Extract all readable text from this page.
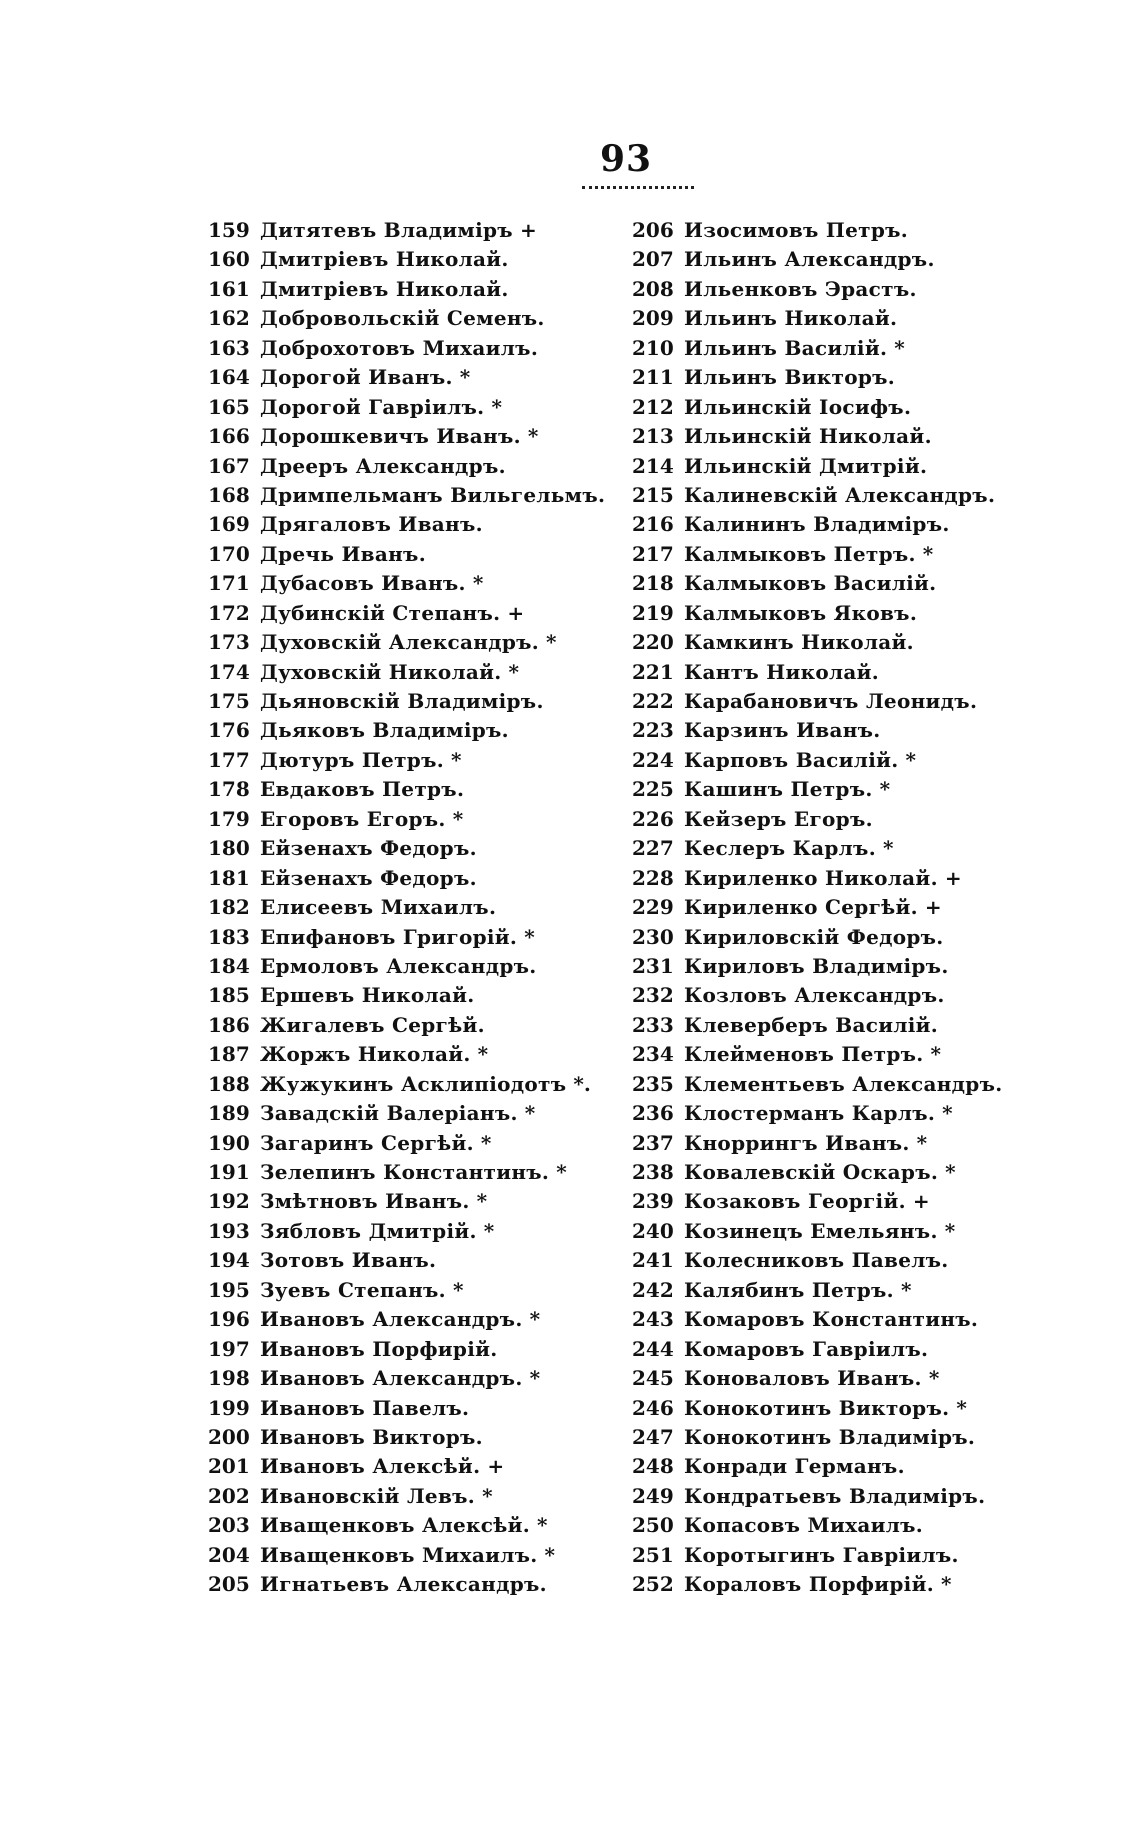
93
159 Дитятевъ Владиміръ +
160 Дмитріевъ Николай.
161 Дмитріевъ Николай.
162 Добровольскій Семенъ.
163 Доброхотовъ Михаилъ.
164 Дорогой Иванъ. *
165 Дорогой Гавріилъ. *
166 Дорошкевичъ Иванъ. *
167 Дрееръ Александръ.
168 Дримпельманъ Вильгельмъ.
169 Дрягаловъ Иванъ.
170 Дречь Иванъ.
171 Дубасовъ Иванъ. *
172 Дубинскій Степанъ. +
173 Духовскій Александръ. *
174 Духовскій Николай. *
175 Дьяновскій Владиміръ.
176 Дьяковъ Владиміръ.
177 Дютуръ Петръ. *
178 Евдаковъ Петръ.
179 Егоровъ Егоръ. *
180 Ейзенахъ Федоръ.
181 Ейзенахъ Федоръ.
182 Елисеевъ Михаилъ.
183 Епифановъ Григорій. *
184 Ермоловъ Александръ.
185 Ершевъ Николай.
186 Жигалевъ Сергѣй.
187 Жоржъ Николай. *
188 Жужукинъ Асклипіодотъ *.
189 Завадскій Валеріанъ. *
190 Загаринъ Сергѣй. *
191 Зелепинъ Константинъ. *
192 Змѣтновъ Иванъ. *
193 Зябловъ Дмитрій. *
194 Зотовъ Иванъ.
195 Зуевъ Степанъ. *
196 Ивановъ Александръ. *
197 Ивановъ Порфирій.
198 Ивановъ Александръ. *
199 Ивановъ Павелъ.
200 Ивановъ Викторъ.
201 Ивановъ Алексѣй. +
202 Ивановскій Левъ. *
203 Иващенковъ Алексѣй. *
204 Иващенковъ Михаилъ. *
205 Игнатьевъ Александръ.
206 Изосимовъ Петръ.
207 Ильинъ Александръ.
208 Ильенковъ Эрастъ.
209 Ильинъ Николай.
210 Ильинъ Василій. *
211 Ильинъ Викторъ.
212 Ильинскій Іосифъ.
213 Ильинскій Николай.
214 Ильинскій Дмитрій.
215 Калиневскій Александръ.
216 Калининъ Владиміръ.
217 Калмыковъ Петръ. *
218 Калмыковъ Василій.
219 Калмыковъ Яковъ.
220 Камкинъ Николай.
221 Кантъ Николай.
222 Карабановичъ Леонидъ.
223 Карзинъ Иванъ.
224 Карповъ Василій. *
225 Кашинъ Петръ. *
226 Кейзеръ Егоръ.
227 Кеслеръ Карлъ. *
228 Кириленко Николай. +
229 Кириленко Сергѣй. +
230 Кириловскій Федоръ.
231 Кириловъ Владиміръ.
232 Козловъ Александръ.
233 Клеверберъ Василій.
234 Клейменовъ Петръ. *
235 Клементьевъ Александръ.
236 Клостерманъ Карлъ. *
237 Кноррингъ Иванъ. *
238 Ковалевскій Оскаръ. *
239 Козаковъ Георгій. +
240 Козинецъ Емельянъ. *
241 Колесниковъ Павелъ.
242 Калябинъ Петръ. *
243 Комаровъ Константинъ.
244 Комаровъ Гавріилъ.
245 Коноваловъ Иванъ. *
246 Конокотинъ Викторъ. *
247 Конокотинъ Владиміръ.
248 Конради Германъ.
249 Кондратьевъ Владиміръ.
250 Копасовъ Михаилъ.
251 Коротыгинъ Гавріилъ.
252 Кораловъ Порфирій. *
